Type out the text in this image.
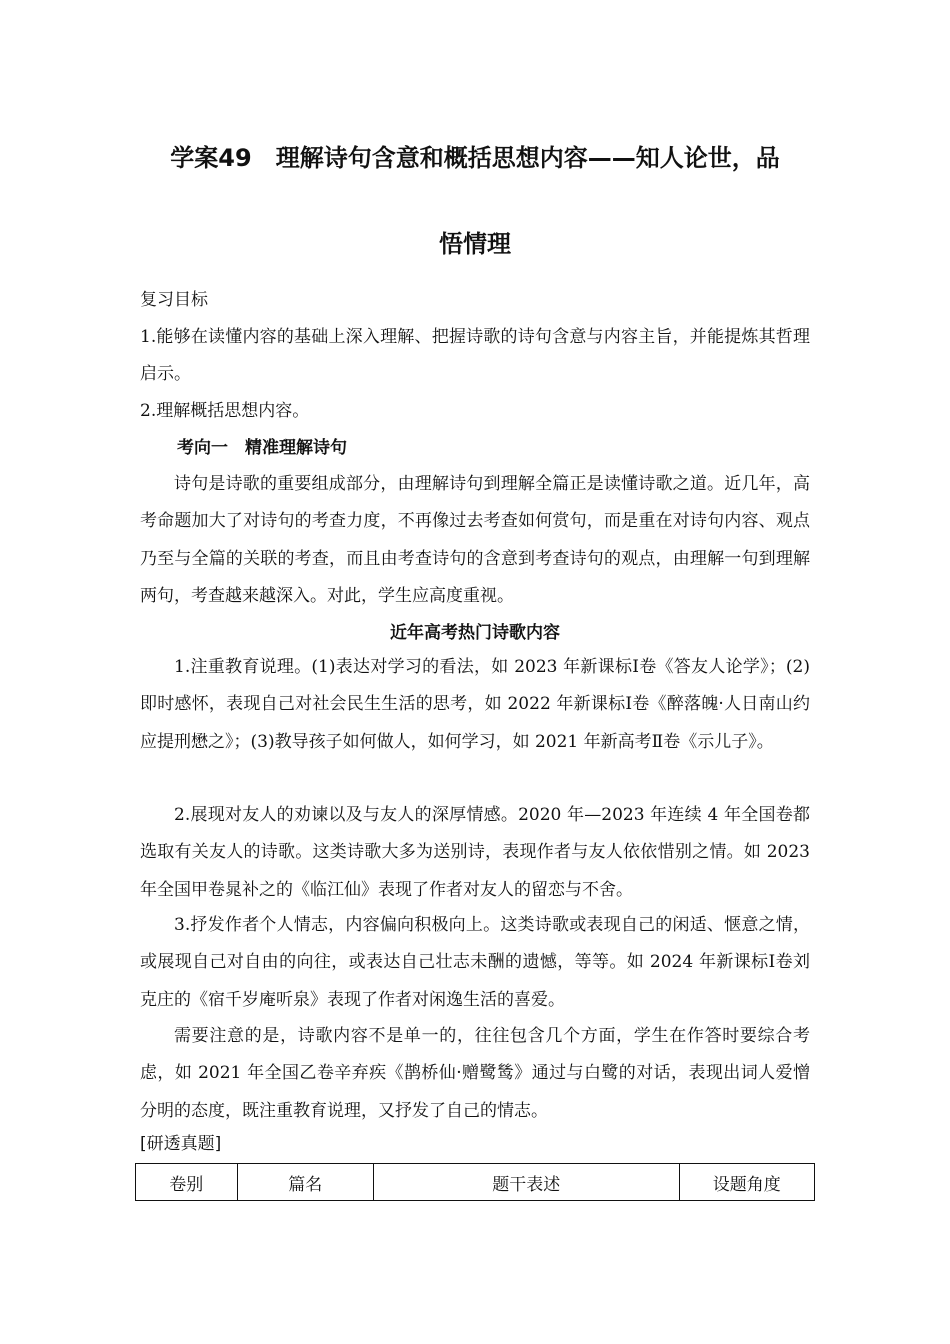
学案49　理解诗句含意和概括思想内容——知人论世，品
悟情理
复习目标
1.能够在读懂内容的基础上深入理解、把握诗歌的诗句含意与内容主旨，并能提炼其哲理启示。
2.理解概括思想内容。
考向一　精准理解诗句
诗句是诗歌的重要组成部分，由理解诗句到理解全篇正是读懂诗歌之道。近几年，高考命题加大了对诗句的考查力度，不再像过去考查如何赏句，而是重在对诗句内容、观点乃至与全篇的关联的考查，而且由考查诗句的含意到考查诗句的观点，由理解一句到理解两句，考查越来越深入。对此，学生应高度重视。
近年高考热门诗歌内容
1.注重教育说理。(1)表达对学习的看法，如 2023 年新课标Ⅰ卷《答友人论学》；(2)即时感怀，表现自己对社会民生生活的思考，如 2022 年新课标Ⅰ卷《醉落魄·人日南山约应提刑懋之》；(3)教导孩子如何做人，如何学习，如 2021 年新高考Ⅱ卷《示儿子》。
2.展现对友人的劝谏以及与友人的深厚情感。2020 年—2023 年连续 4 年全国卷都选取有关友人的诗歌。这类诗歌大多为送别诗，表现作者与友人依依惜别之情。如 2023 年全国甲卷晁补之的《临江仙》表现了作者对友人的留恋与不舍。
3.抒发作者个人情志，内容偏向积极向上。这类诗歌或表现自己的闲适、惬意之情，或展现自己对自由的向往，或表达自己壮志未酬的遗憾，等等。如 2024 年新课标Ⅰ卷刘克庄的《宿千岁庵听泉》表现了作者对闲逸生活的喜爱。
需要注意的是，诗歌内容不是单一的，往往包含几个方面，学生在作答时要综合考虑，如 2021 年全国乙卷辛弃疾《鹊桥仙·赠鹭鸶》通过与白鹭的对话，表现出词人爱憎分明的态度，既注重教育说理，又抒发了自己的情志。
[研透真题]
卷别	篇名	题干表述	设题角度
